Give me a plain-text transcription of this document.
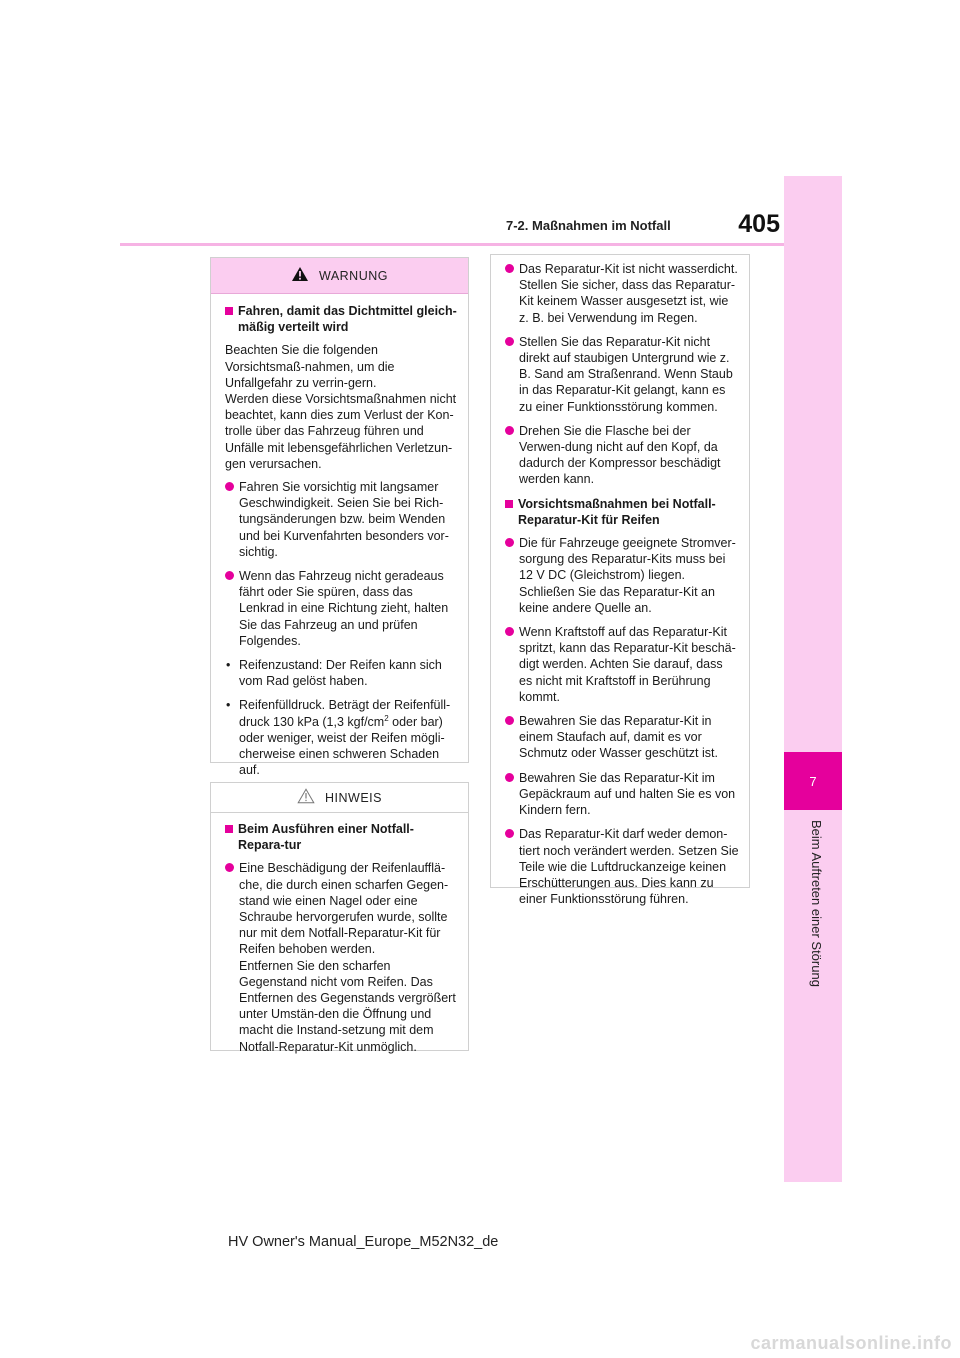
7
Beim Auftreten einer Störung
7-2. Maßnahmen im Notfall	405
WARNUNG
Fahren, damit das Dichtmittel gleich-mäßig verteilt wird
Beachten Sie die folgenden Vorsichtsmaß-nahmen, um die Unfallgefahr zu verrin-gern.
Werden diese Vorsichtsmaßnahmen nicht beachtet, kann dies zum Verlust der Kon-trolle über das Fahrzeug führen und Unfälle mit lebensgefährlichen Verletzun-gen verursachen.
Fahren Sie vorsichtig mit langsamer Geschwindigkeit. Seien Sie bei Rich-tungsänderungen bzw. beim Wenden und bei Kurvenfahrten besonders vor-sichtig.
Wenn das Fahrzeug nicht geradeaus fährt oder Sie spüren, dass das Lenkrad in eine Richtung zieht, halten Sie das Fahrzeug an und prüfen Folgendes.
• Reifenzustand: Der Reifen kann sich vom Rad gelöst haben.
• Reifenfülldruck. Beträgt der Reifenfüll-druck 130 kPa (1,3 kgf/$cm^2$ oder bar) oder weniger, weist der Reifen mögli-cherweise einen schweren Schaden auf.
HINWEIS
Beim Ausführen einer Notfall-Repara-tur
Eine Beschädigung der Reifenlaufflä-che, die durch einen scharfen Gegen-stand wie einen Nagel oder eine Schraube hervorgerufen wurde, sollte nur mit dem Notfall-Reparatur-Kit für Reifen behoben werden.
Entfernen Sie den scharfen Gegenstand nicht vom Reifen. Das Entfernen des Gegenstands vergrößert unter Umstän-den die Öffnung und macht die Instand-setzung mit dem Notfall-Reparatur-Kit unmöglich.
Das Reparatur-Kit ist nicht wasserdicht. Stellen Sie sicher, dass das Reparatur-Kit keinem Wasser ausgesetzt ist, wie z. B. bei Verwendung im Regen.
Stellen Sie das Reparatur-Kit nicht direkt auf staubigen Untergrund wie z. B. Sand am Straßenrand. Wenn Staub in das Reparatur-Kit gelangt, kann es zu einer Funktionsstörung kommen.
Drehen Sie die Flasche bei der Verwen-dung nicht auf den Kopf, da dadurch der Kompressor beschädigt werden kann.
Vorsichtsmaßnahmen bei Notfall-Reparatur-Kit für Reifen
Die für Fahrzeuge geeignete Stromver-sorgung des Reparatur-Kits muss bei 12 V DC (Gleichstrom) liegen. Schließen Sie das Reparatur-Kit an keine andere Quelle an.
Wenn Kraftstoff auf das Reparatur-Kit spritzt, kann das Reparatur-Kit beschä-digt werden. Achten Sie darauf, dass es nicht mit Kraftstoff in Berührung kommt.
Bewahren Sie das Reparatur-Kit in einem Staufach auf, damit es vor Schmutz oder Wasser geschützt ist.
Bewahren Sie das Reparatur-Kit im Gepäckraum auf und halten Sie es von Kindern fern.
Das Reparatur-Kit darf weder demon-tiert noch verändert werden. Setzen Sie Teile wie die Luftdruckanzeige keinen Erschütterungen aus. Dies kann zu einer Funktionsstörung führen.
HV Owner's Manual_Europe_M52N32_de
carmanualsonline.info
